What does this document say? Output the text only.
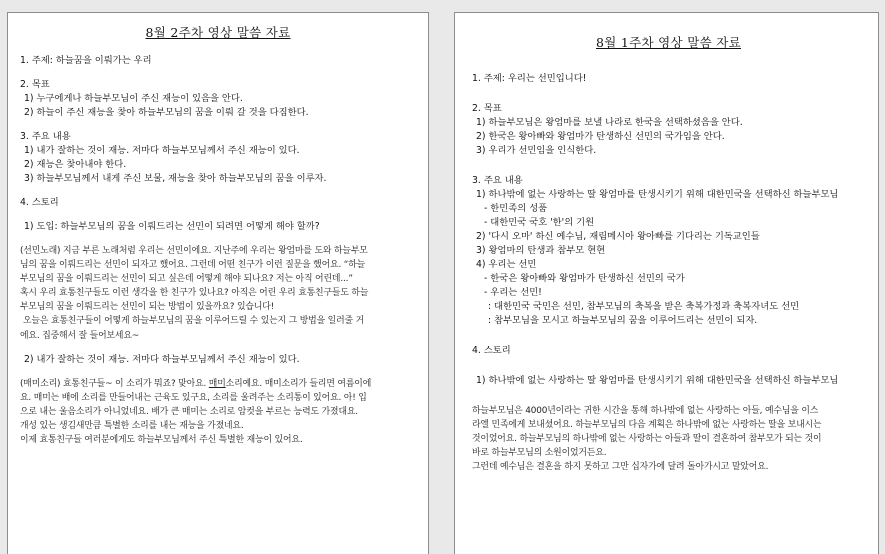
8월 2주차 영상 말씀 자료
1. 주제: 하늘꿈을 이뤄가는 우리
2. 목표
1) 누구에게나 하늘부모님이 주신 재능이 있음을 안다.
2) 하늘이 주신 재능을 찾아 하늘부모님의 꿈을 이뤄 갈 것을 다짐한다.
3. 주요 내용
1) 내가 잘하는 것이 재능. 저마다 하늘부모님께서 주신 재능이 있다.
2) 재능은 찾아내야 한다.
3) 하늘부모님께서 내게 주신 보물, 재능을 찾아 하늘부모님의 꿈을 이루자.
4. 스토리
1) 도입: 하늘부모님의 꿈을 이뤄드리는 선민이 되려면 어떻게 해야 할까?
(선민노래) 지금 부른 노래처럼 우리는 선민이에요. 지난주에 우리는 왕엄마를 도와 하늘부모
님의 꿈을 이뤄드리는 선민이 되자고 했어요. 그런데 어떤 친구가 이런 질문을 했어요. “하늘
부모님의 꿈을 이뤄드리는 선민이 되고 싶은데 어떻게 해야 되나요? 저는 아직 어린데...”
혹시 우리 효통친구들도 이런 생각을 한 친구가 있나요? 아직은 어린 우리 효통친구들도 하늘
부모님의 꿈을 이뤄드리는 선민이 되는 방법이 있을까요? 있습니다!
오늘은 효통친구들이 어떻게 하늘부모님의 꿈을 이루어드릴 수 있는지 그 방법을 일러줄 거
에요. 집중해서 잘 들어보세요~
2) 내가 잘하는 것이 재능. 저마다 하늘부모님께서 주신 재능이 있다.
(매미소리) 효통친구들~ 이 소리가 뭐죠? 맞아요. 매미소리예요. 매미소리가 들리면 여름이에
요. 매미는 배에 소리를 만들어내는 근육도 있구요, 소리를 울려주는 소리통이 있어요. 아! 입
으로 내는 울음소리가 아니었네요. 배가 큰 매미는 소리로 암컷을 부르는 능력도 가졌대요.
개성 있는 생김새만큼 특별한 소리를 내는 재능을 가졌네요.
이제 효통친구들 여러분에게도 하늘부모님께서 주신 특별한 재능이 있어요.
8월 1주차 영상 말씀 자료
1. 주제: 우리는 선민입니다!
2. 목표
1) 하늘부모님은 왕엄마를 보낼 나라로 한국을 선택하셨음을 안다.
2) 한국은 왕아빠와 왕엄마가 탄생하신 선민의 국가임을 안다.
3) 우리가 선민임을 인식한다.
3. 주요 내용
1) 하나밖에 없는 사랑하는 딸 왕엄마를 탄생시키기 위해 대한민국을 선택하신 하늘부모님
- 한민족의 성품
- 대한민국 국호 '한'의 기원
2) '다시 오마' 하신 예수님, 재림메시아 왕아빠를 기다리는 기독교인들
3) 왕엄마의 탄생과 참부모 현현
4) 우리는 선민
- 한국은 왕아빠와 왕엄마가 탄생하신 선민의 국가
- 우리는 선민!
: 대한민국 국민은 선민, 참부모님의 축복을 받은 축복가정과 축복자녀도 선민
: 참부모님을 모시고 하늘부모님의 꿈을 이루어드리는 선민이 되자.
4. 스토리
1) 하나밖에 없는 사랑하는 딸 왕엄마를 탄생시키기 위해 대한민국을 선택하신 하늘부모님
하늘부모님은 4000년이라는 귀한 시간을 통해 하나밖에 없는 사랑하는 아들, 예수님을 이스
라엘 민족에게 보내셨어요. 하늘부모님의 다음 계획은 하나밖에 없는 사랑하는 딸을 보내시는
것이었어요. 하늘부모님의 하나밖에 없는 사랑하는 아들과 딸이 결혼하여 참부모가 되는 것이
바로 하늘부모님의 소원이었거든요.
그런데 예수님은 결혼을 하지 못하고 그만 십자가에 달려 돌아가시고 말았어요.
